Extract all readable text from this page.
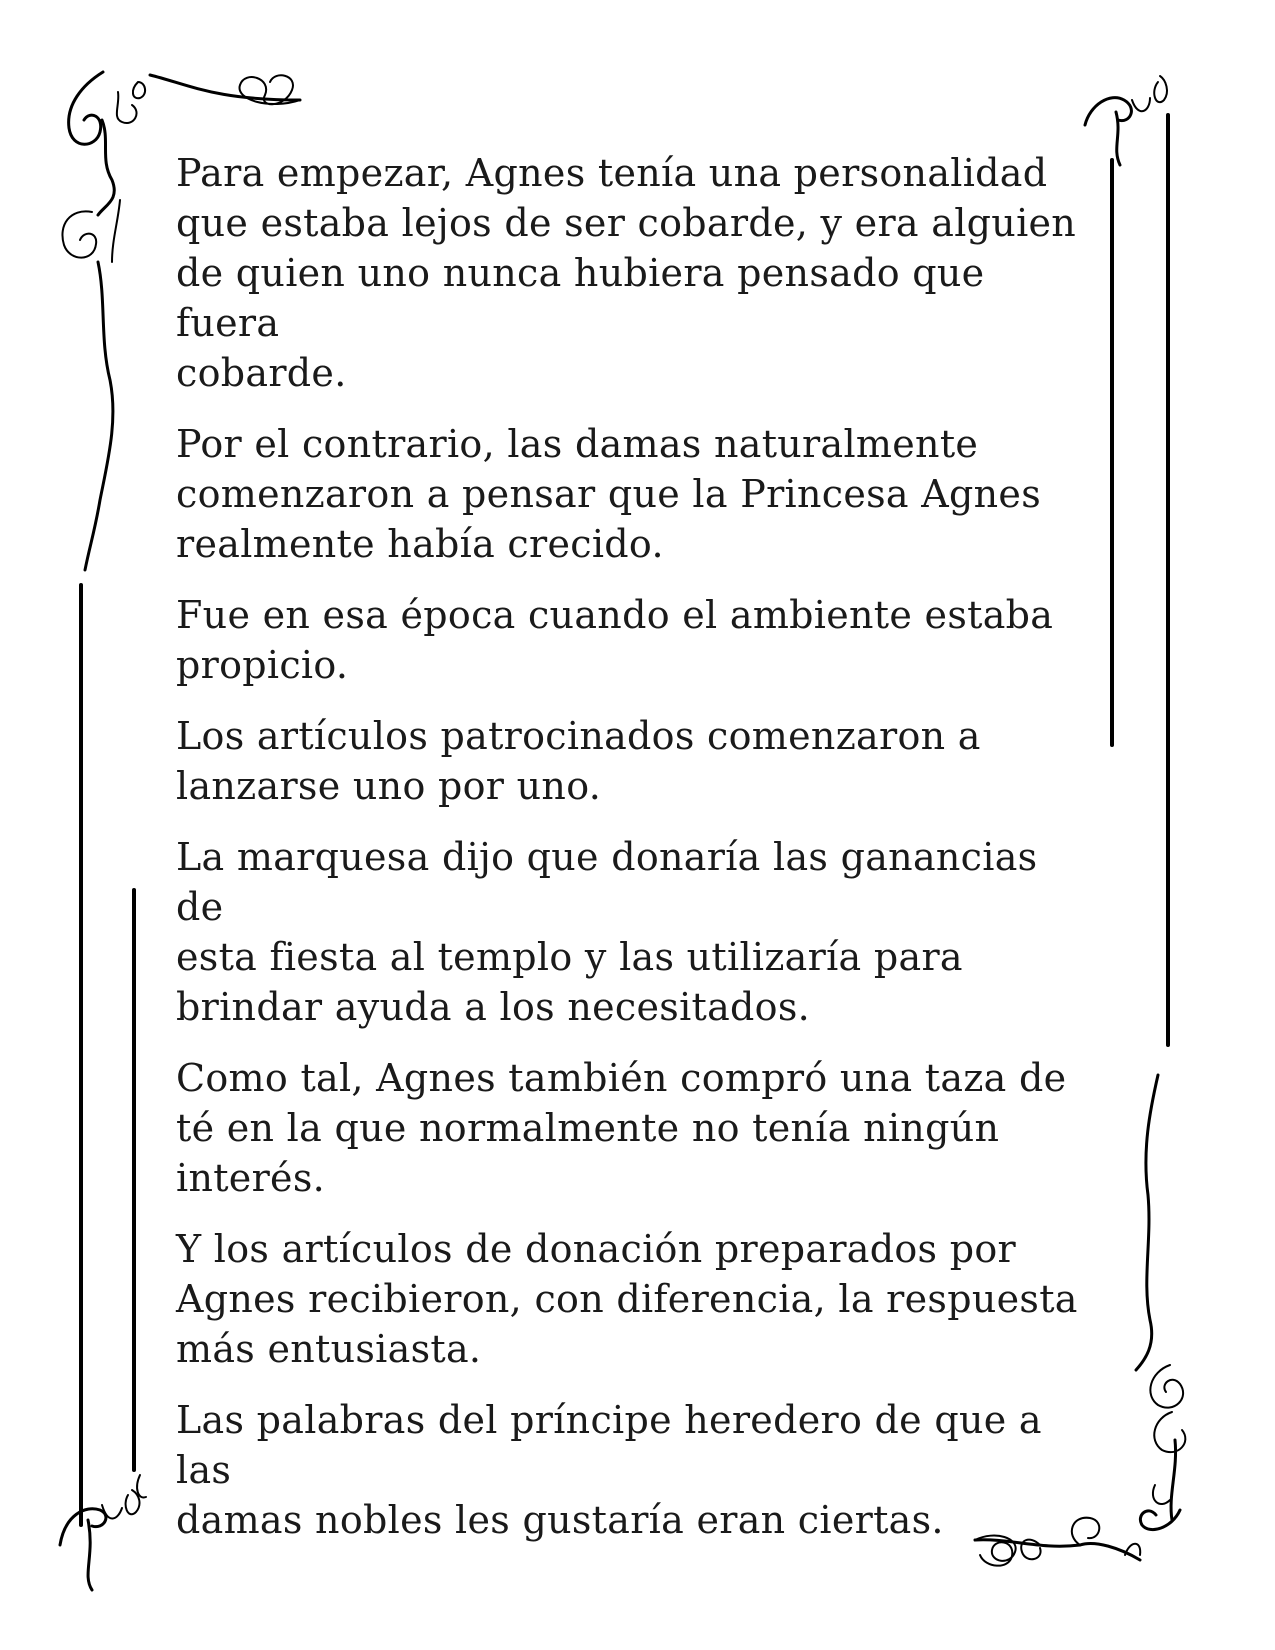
Para empezar, Agnes tenía una personalidad
que estaba lejos de ser cobarde, y era alguien
de quien uno nunca hubiera pensado que fuera
cobarde.

Por el contrario, las damas naturalmente
comenzaron a pensar que la Princesa Agnes
realmente había crecido.

Fue en esa época cuando el ambiente estaba
propicio.

Los artículos patrocinados comenzaron a
lanzarse uno por uno.

La marquesa dijo que donaría las ganancias de
esta fiesta al templo y las utilizaría para
brindar ayuda a los necesitados.

Como tal, Agnes también compró una taza de
té en la que normalmente no tenía ningún
interés.

Y los artículos de donación preparados por
Agnes recibieron, con diferencia, la respuesta
más entusiasta.

Las palabras del príncipe heredero de que a las
damas nobles les gustaría eran ciertas.
